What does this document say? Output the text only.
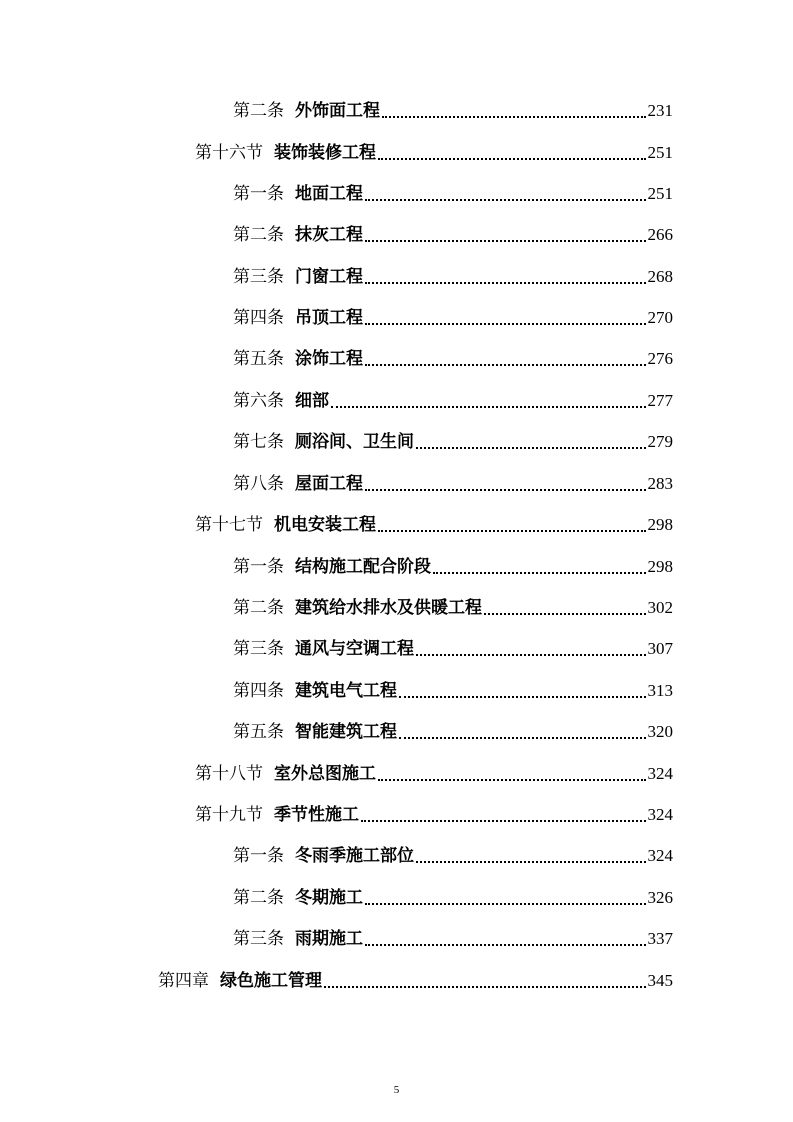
第二条 外饰面工程	231
第十六节 装饰装修工程	251
第一条 地面工程	251
第二条 抹灰工程	266
第三条 门窗工程	268
第四条 吊顶工程	270
第五条 涂饰工程	276
第六条 细部	277
第七条 厕浴间、卫生间	279
第八条 屋面工程	283
第十七节 机电安装工程	298
第一条 结构施工配合阶段	298
第二条 建筑给水排水及供暖工程	302
第三条 通风与空调工程	307
第四条 建筑电气工程	313
第五条 智能建筑工程	320
第十八节 室外总图施工	324
第十九节 季节性施工	324
第一条 冬雨季施工部位	324
第二条 冬期施工	326
第三条 雨期施工	337
第四章 绿色施工管理	345
5
